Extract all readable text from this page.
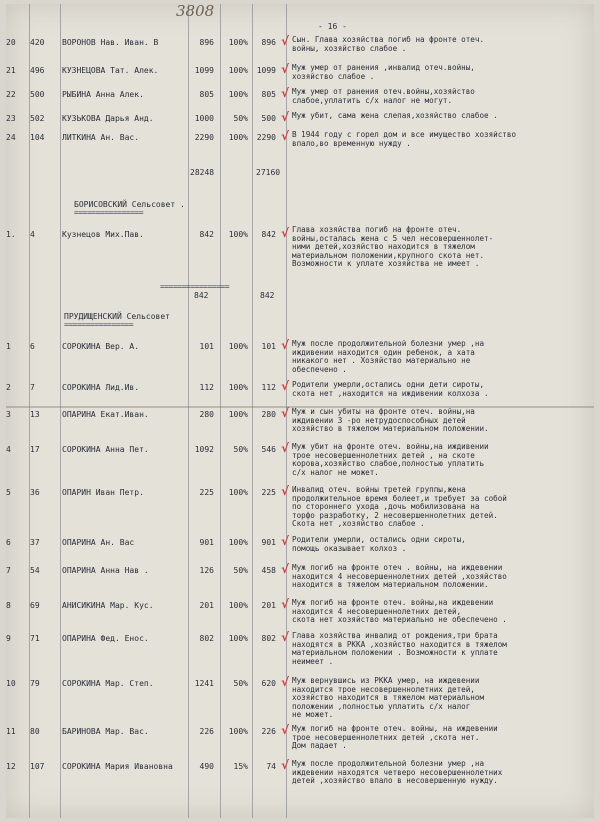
3808
- 16 -
20 420 ВОРОНОВ Нав. Иван. В	896	100%	896 √ Сын. Глава хозяйства погиб на фронте отеч.
войны, хозяйство слабое .
21 496 КУЗНЕЦОВА Тат. Алек.	1099	100%	1099 √ Муж умер от ранения ,инвалид отеч.войны,
хозяйство слабое .
22 500 РЫБИНА Анна Алек.	805	100%	805 √ Муж умер от ранения отеч.войны,хозяйство
слабое,уплатить с/х налог не могут.
23 502 КУЗЬКОВА Дарья Анд.	1000	50%	500 √ Муж убит, сама жена слепая,хозяйство слабое .
24 104 ЛИТКИНА Ан. Вас.	2290	100%	2290 √ В 1944 году с горел дом и все имущество хозяйство
впало,во временную нужду .
28248	27160
БОРИСОВСКИЙ Сельсовет .
================
1. 4	Кузнецов Мих.Пав.	842	100%	842 √ Глава хозяйства погиб на фронте отеч.
войны,осталась жена с 5 чел несовершеннолет-
ними детей,хозяйство находится в тяжелом
материальном положении,крупного скота нет.
Возможности к уплате хозяйства не имеет .
================
842	842
ПРУДИЩЕНСКИЙ Сельсовет
================
1 6	СОРОКИНА Вер. А.	101	100%	101 √ Муж после продолжительной болезни умер ,на
иждивении находится один ребенок, а хата
никакого нет . Хозяйство материально не
обеспечено .
2 7	СОРОКИНА Лид.Ив.	112	100%	112 √ Родители умерли,остались одни дети сироты,
скота нет ,находится на иждивении колхоза .
3 13	ОПАРИНА Екат.Иван.	280	100%	280 √ Муж и сын убиты на фронте отеч. войны,на
иждивении 3 -ро нетрудоспособных детей
хозяйство в тяжелом материальном положении.
4 17	СОРОКИНА Анна Пет.	1092	50%	546 √ Муж убит на фронте отеч. войны,на иждивении
трое несовершеннолетних детей , на скоте
корова,хозяйство слабое,полностью уплатить
с/х налог не может.
5 36	ОПАРИН Иван Петр.	225	100%	225 √ Инвалид отеч. войны третей группы,жена
продолжительное время болеет,и требует за собой
по стороннего ухода ,дочь мобилизована на
торфо разработку, 2 несовершеннолетних детей.
Скота нет ,хозяйство слабое .
6 37	ОПАРИНА Ан. Вас	901	100%	901 √ Родители умерли, остались одни сироты,
помощь оказывает колхоз .
7 54	ОПАРИНА Анна Нав .	126	50%	458 √ Муж погиб на фронте отеч . войны, на иждевении
находится 4 несовершеннолетних детей ,хозяйство
находится в тяжелом материальном положении.
8 69	АНИСИКИНА Мар. Кус.	201	100%	201 √ Муж погиб на фронте отеч. войны,на иждевении
находится 4 несовершеннолетних детей,
скота нет хозяйство материально не обеспечено .
9 71	ОПАРИНА Фед. Енос.	802	100%	802 √ Глава хозяйства инвалид от рождения,три брата
находятся в РККА ,хозяйство находится в тяжелом
материальном положении . Возможности к уплате
неимеет .
10 79	СОРОКИНА Мар. Степ.	1241	50%	620 √ Муж вернувшись из РККА умер, на иждевении
находится трое несовершеннолетних детей,
хозяйство находится в тяжелом материальном
положении ,полностью уплатить с/х налог
не может.
11 80	БАРИНОВА Мар. Вас.	226	100%	226 √ Муж погиб на фронте отеч. войны, на иждевении
трое несовершеннолетних детей ,скота нет.
Дом падает .
12 107 СОРОКИНА Мария Ивановна	490	15%	74 √ Муж после продолжительной болезни умер ,на
иждевении находятся четверо несовершеннолетних
детей ,хозяйство впало в несовершенную нужду.
